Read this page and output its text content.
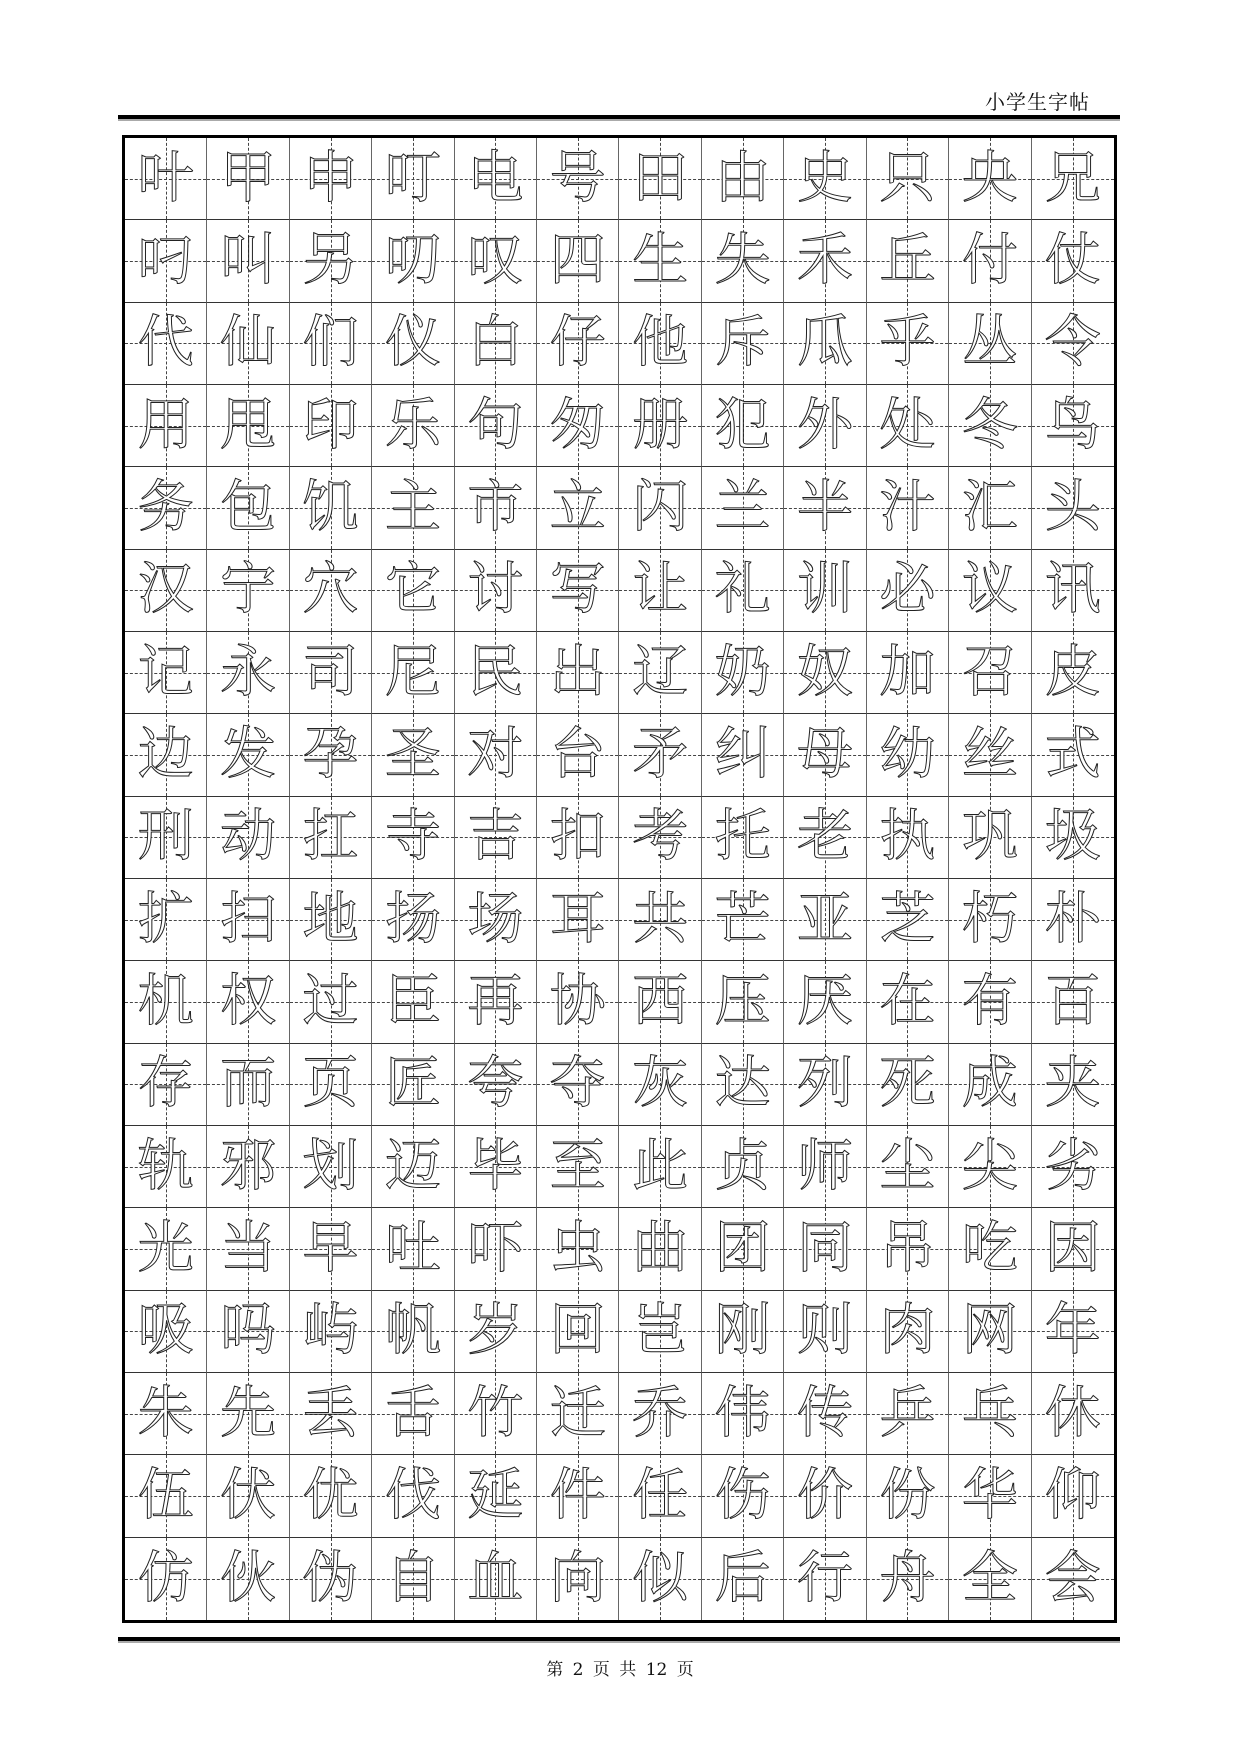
小学生字帖
叶 甲 申 叮 电 号 田 由 史 只 央 兄
叼 叫 另 叨 叹 四 生 失 禾 丘 付 仗
代 仙 们 仪 白 仔 他 斥 瓜 乎 丛 令
用 甩 印 乐 句 匆 册 犯 外 处 冬 鸟
务 包 饥 主 市 立 闪 兰 半 汁 汇 头
汉 宁 穴 它 讨 写 让 礼 训 必 议 讯
记 永 司 尼 民 出 辽 奶 奴 加 召 皮
边 发 孕 圣 对 台 矛 纠 母 幼 丝 式
刑 动 扛 寺 吉 扣 考 托 老 执 巩 圾
扩 扫 地 扬 场 耳 共 芒 亚 芝 朽 朴
机 权 过 臣 再 协 西 压 厌 在 有 百
存 而 页 匠 夸 夺 灰 达 列 死 成 夹
轨 邪 划 迈 毕 至 此 贞 师 尘 尖 劣
光 当 早 吐 吓 虫 曲 团 同 吊 吃 因
吸 吗 屿 帆 岁 回 岂 刚 则 肉 网 年
朱 先 丢 舌 竹 迁 乔 伟 传 乒 乓 休
伍 伏 优 伐 延 件 任 伤 价 份 华 仰
仿 伙 伪 自 血 向 似 后 行 舟 全 会
第 2 页 共 12 页
